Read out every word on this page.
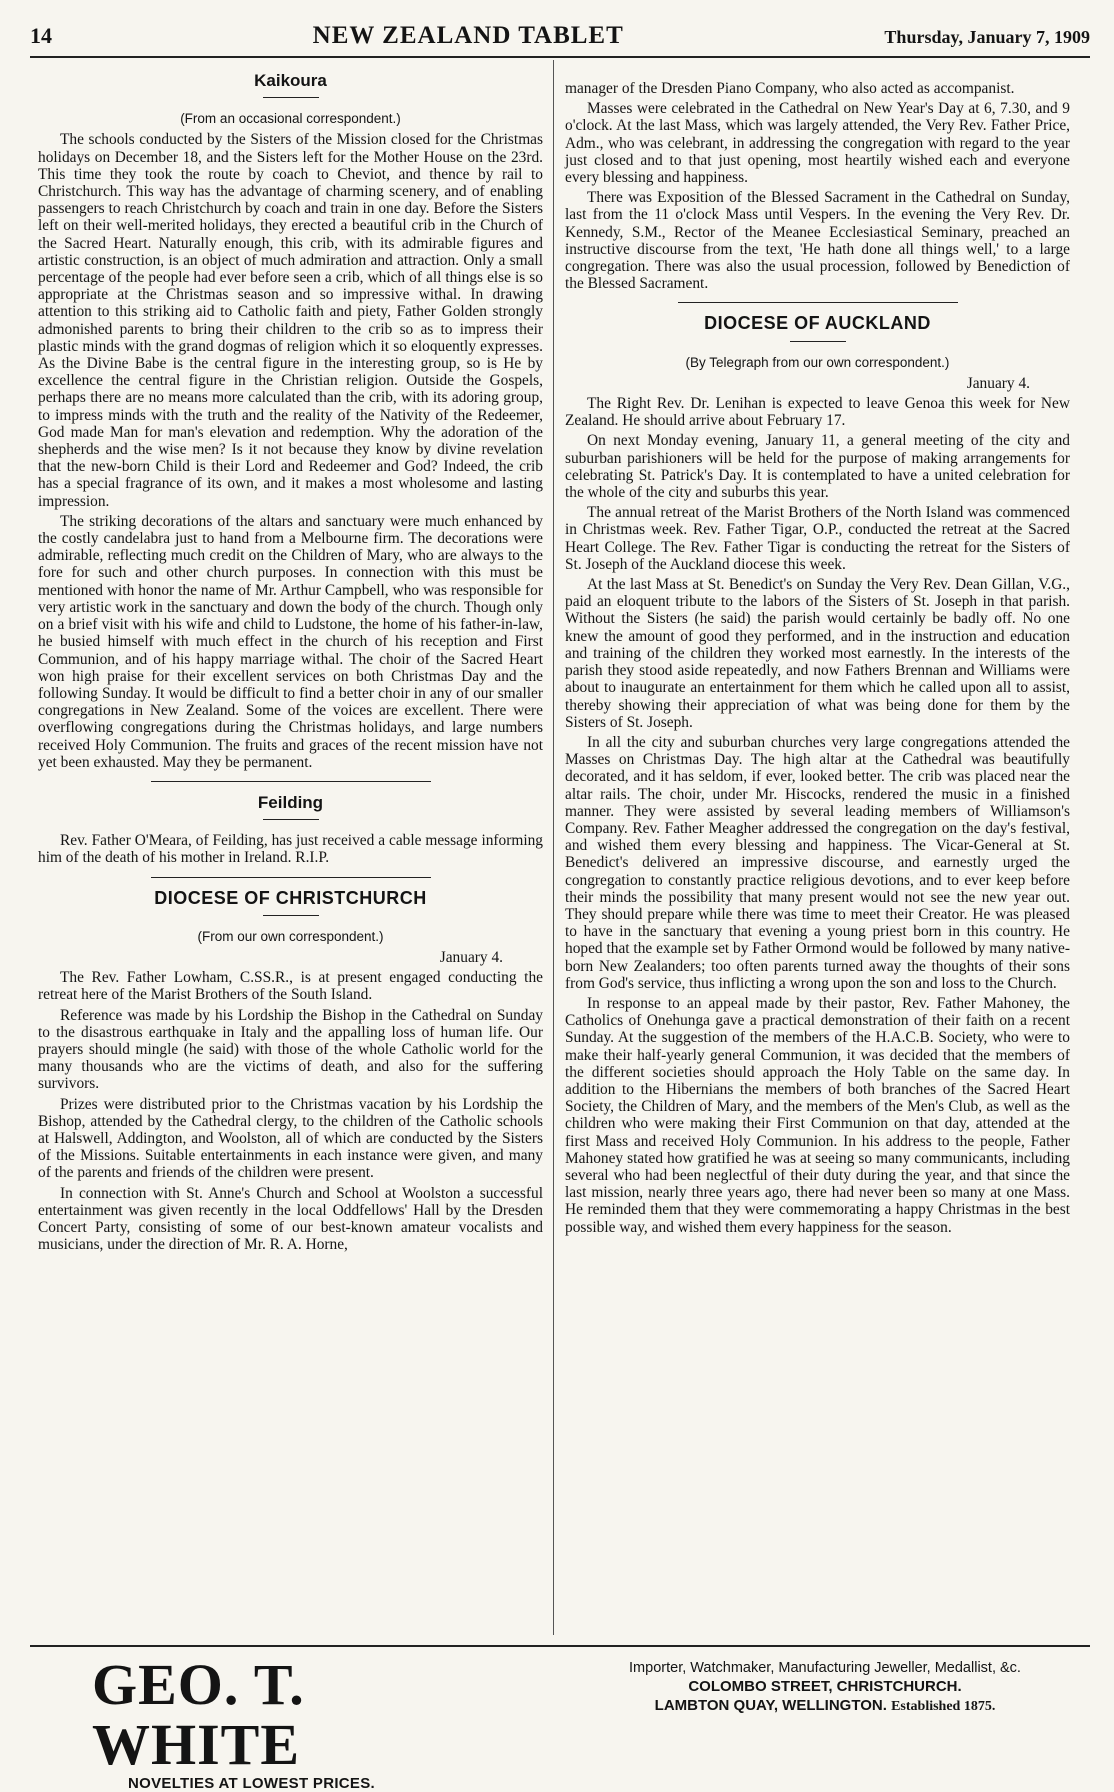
14	NEW ZEALAND TABLET	Thursday, January 7, 1909
Kaikoura
(From an occasional correspondent.)

The schools conducted by the Sisters of the Mission closed for the Christmas holidays on December 18, and the Sisters left for the Mother House on the 23rd. This time they took the route by coach to Cheviot, and thence by rail to Christchurch. This way has the advantage of charming scenery, and of enabling passengers to reach Christchurch by coach and train in one day. Before the Sisters left on their well-merited holidays, they erected a beautiful crib in the Church of the Sacred Heart. Naturally enough, this crib, with its admirable figures and artistic construction, is an object of much admiration and attraction. Only a small percentage of the people had ever before seen a crib, which of all things else is so appropriate at the Christmas season and so impressive withal. In drawing attention to this striking aid to Catholic faith and piety, Father Golden strongly admonished parents to bring their children to the crib so as to impress their plastic minds with the grand dogmas of religion which it so eloquently expresses. As the Divine Babe is the central figure in the interesting group, so is He by excellence the central figure in the Christian religion. Outside the Gospels, perhaps there are no means more calculated than the crib, with its adoring group, to impress minds with the truth and the reality of the Nativity of the Redeemer, God made Man for man's elevation and redemption. Why the adoration of the shepherds and the wise men? Is it not because they know by divine revelation that the new-born Child is their Lord and Redeemer and God? Indeed, the crib has a special fragrance of its own, and it makes a most wholesome and lasting impression.

The striking decorations of the altars and sanctuary were much enhanced by the costly candelabra just to hand from a Melbourne firm. The decorations were admirable, reflecting much credit on the Children of Mary, who are always to the fore for such and other church purposes. In connection with this must be mentioned with honor the name of Mr. Arthur Campbell, who was responsible for very artistic work in the sanctuary and down the body of the church. Though only on a brief visit with his wife and child to Ludstone, the home of his father-in-law, he busied himself with much effect in the church of his reception and First Communion, and of his happy marriage withal. The choir of the Sacred Heart won high praise for their excellent services on both Christmas Day and the following Sunday. It would be difficult to find a better choir in any of our smaller congregations in New Zealand. Some of the voices are excellent. There were overflowing congregations during the Christmas holidays, and large numbers received Holy Communion. The fruits and graces of the recent mission have not yet been exhausted. May they be permanent.

Feilding

Rev. Father O'Meara, of Feilding, has just received a cable message informing him of the death of his mother in Ireland. R.I.P.

DIOCESE OF CHRISTCHURCH
(From our own correspondent.)

January 4.

The Rev. Father Lowham, C.SS.R., is at present engaged conducting the retreat here of the Marist Brothers of the South Island.

Reference was made by his Lordship the Bishop in the Cathedral on Sunday to the disastrous earthquake in Italy and the appalling loss of human life. Our prayers should mingle (he said) with those of the whole Catholic world for the many thousands who are the victims of death, and also for the suffering survivors.

Prizes were distributed prior to the Christmas vacation by his Lordship the Bishop, attended by the Cathedral clergy, to the children of the Catholic schools at Halswell, Addington, and Woolston, all of which are conducted by the Sisters of the Missions. Suitable entertainments in each instance were given, and many of the parents and friends of the children were present.

In connection with St. Anne's Church and School at Woolston a successful entertainment was given recently in the local Oddfellows' Hall by the Dresden Concert Party, consisting of some of our best-known amateur vocalists and musicians, under the direction of Mr. R. A. Horne,

manager of the Dresden Piano Company, who also acted as accompanist.

Masses were celebrated in the Cathedral on New Year's Day at 6, 7.30, and 9 o'clock. At the last Mass, which was largely attended, the Very Rev. Father Price, Adm., who was celebrant, in addressing the congregation with regard to the year just closed and to that just opening, most heartily wished each and everyone every blessing and happiness.

There was Exposition of the Blessed Sacrament in the Cathedral on Sunday, last from the 11 o'clock Mass until Vespers. In the evening the Very Rev. Dr. Kennedy, S.M., Rector of the Meanee Ecclesiastical Seminary, preached an instructive discourse from the text, 'He hath done all things well,' to a large congregation. There was also the usual procession, followed by Benediction of the Blessed Sacrament.

DIOCESE OF AUCKLAND
(By Telegraph from our own correspondent.)

January 4.

The Right Rev. Dr. Lenihan is expected to leave Genoa this week for New Zealand. He should arrive about February 17.

On next Monday evening, January 11, a general meeting of the city and suburban parishioners will be held for the purpose of making arrangements for celebrating St. Patrick's Day. It is contemplated to have a united celebration for the whole of the city and suburbs this year.

The annual retreat of the Marist Brothers of the North Island was commenced in Christmas week. Rev. Father Tigar, O.P., conducted the retreat at the Sacred Heart College. The Rev. Father Tigar is conducting the retreat for the Sisters of St. Joseph of the Auckland diocese this week.

At the last Mass at St. Benedict's on Sunday the Very Rev. Dean Gillan, V.G., paid an eloquent tribute to the labors of the Sisters of St. Joseph in that parish. Without the Sisters (he said) the parish would certainly be badly off. No one knew the amount of good they performed, and in the instruction and education and training of the children they worked most earnestly. In the interests of the parish they stood aside repeatedly, and now Fathers Brennan and Williams were about to inaugurate an entertainment for them which he called upon all to assist, thereby showing their appreciation of what was being done for them by the Sisters of St. Joseph.

In all the city and suburban churches very large congregations attended the Masses on Christmas Day. The high altar at the Cathedral was beautifully decorated, and it has seldom, if ever, looked better. The crib was placed near the altar rails. The choir, under Mr. Hiscocks, rendered the music in a finished manner. They were assisted by several leading members of Williamson's Company. Rev. Father Meagher addressed the congregation on the day's festival, and wished them every blessing and happiness. The Vicar-General at St. Benedict's delivered an impressive discourse, and earnestly urged the congregation to constantly practice religious devotions, and to ever keep before their minds the possibility that many present would not see the new year out. They should prepare while there was time to meet their Creator. He was pleased to have in the sanctuary that evening a young priest born in this country. He hoped that the example set by Father Ormond would be followed by many native-born New Zealanders; too often parents turned away the thoughts of their sons from God's service, thus inflicting a wrong upon the son and loss to the Church.

In response to an appeal made by their pastor, Rev. Father Mahoney, the Catholics of Onehunga gave a practical demonstration of their faith on a recent Sunday. At the suggestion of the members of the H.A.C.B. Society, who were to make their half-yearly general Communion, it was decided that the members of the different societies should approach the Holy Table on the same day. In addition to the Hibernians the members of both branches of the Sacred Heart Society, the Children of Mary, and the members of the Men's Club, as well as the children who were making their First Communion on that day, attended at the first Mass and received Holy Communion. In his address to the people, Father Mahoney stated how gratified he was at seeing so many communicants, including several who had been neglectful of their duty during the year, and that since the last mission, nearly three years ago, there had never been so many at one Mass. He reminded them that they were commemorating a happy Christmas in the best possible way, and wished them every happiness for the season.

GEO. T. WHITE
NOVELTIES AT LOWEST PRICES.
Importer, Watchmaker, Manufacturing Jeweller, Medallist, &c.
COLOMBO STREET, CHRISTCHURCH.
LAMBTON QUAY, WELLINGTON. Established 1875.
